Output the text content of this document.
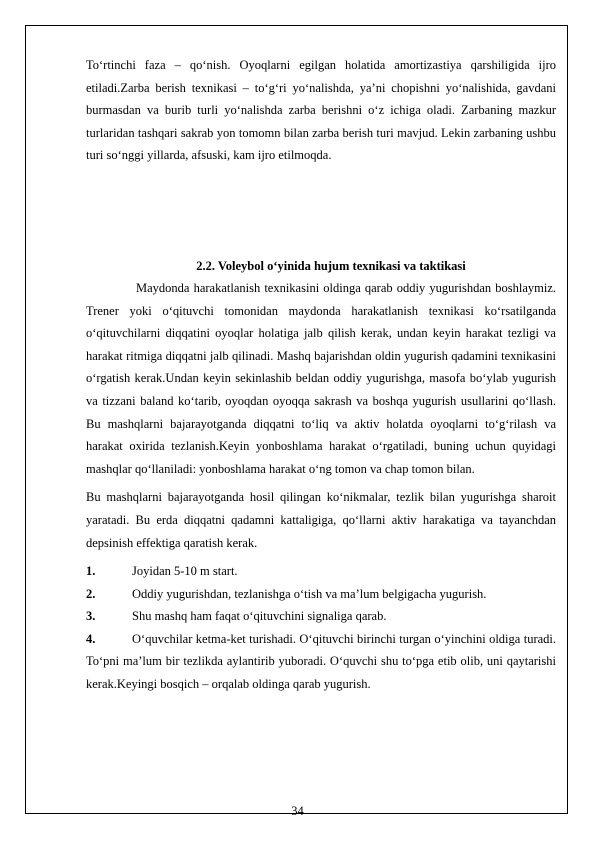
To‘rtinchi faza – qo‘nish. Oyoqlarni egilgan holatida amortizastiya qarshiligida ijro etiladi.Zarba berish texnikasi – to‘g‘ri yo‘nalishda, ya’ni chopishni yo‘nalishida, gavdani burmasdan va burib turli yo‘nalishda zarba berishni o‘z ichiga oladi. Zarbaning mazkur turlaridan tashqari sakrab yon tomomn bilan zarba berish turi mavjud. Lekin zarbaning ushbu turi so‘nggi yillarda, afsuski, kam ijro etilmoqda.

2.2. Voleybol o‘yinida hujum texnikasi va taktikasi

Maydonda harakatlanish texnikasini oldinga qarab oddiy yugurishdan boshlaymiz. Trener yoki o‘qituvchi tomonidan maydonda harakatlanish texnikasi ko‘rsatilganda o‘qituvchilarni diqqatini oyoqlar holatiga jalb qilish kerak, undan keyin harakat tezligi va harakat ritmiga diqqatni jalb qilinadi. Mashq bajarishdan oldin yugurish qadamini texnikasini o‘rgatish kerak.Undan keyin sekinlashib beldan oddiy yugurishga, masofa bo‘ylab yugurish va tizzani baland ko‘tarib, oyoqdan oyoqqa sakrash va boshqa yugurish usullarini qo‘llash. Bu mashqlarni bajarayotganda diqqatni to‘liq va aktiv holatda oyoqlarni to‘g‘rilash va harakat oxirida tezlanish.Keyin yonboshlama harakat o‘rgatiladi, buning uchun quyidagi mashqlar qo‘llaniladi: yonboshlama harakat o‘ng tomon va chap tomon bilan.

Bu mashqlarni bajarayotganda hosil qilingan ko‘nikmalar, tezlik bilan yugurishga sharoit yaratadi. Bu erda diqqatni qadamni kattaligiga, qo‘llarni aktiv harakatiga va tayanchdan depsinish effektiga qaratish kerak.

1.	Joyidan 5-10 m start.
2.	Oddiy yugurishdan, tezlanishga o‘tish va ma’lum belgigacha yugurish.
3.	Shu mashq ham faqat o‘qituvchini signaliga qarab.

4.	O‘quvchilar ketma-ket turishadi. O‘qituvchi birinchi turgan o‘yinchini oldiga turadi. To‘pni ma’lum bir tezlikda aylantirib yuboradi. O‘quvchi shu to‘pga etib olib, uni qaytarishi kerak.Keyingi bosqich – orqalab oldinga qarab yugurish.

34
